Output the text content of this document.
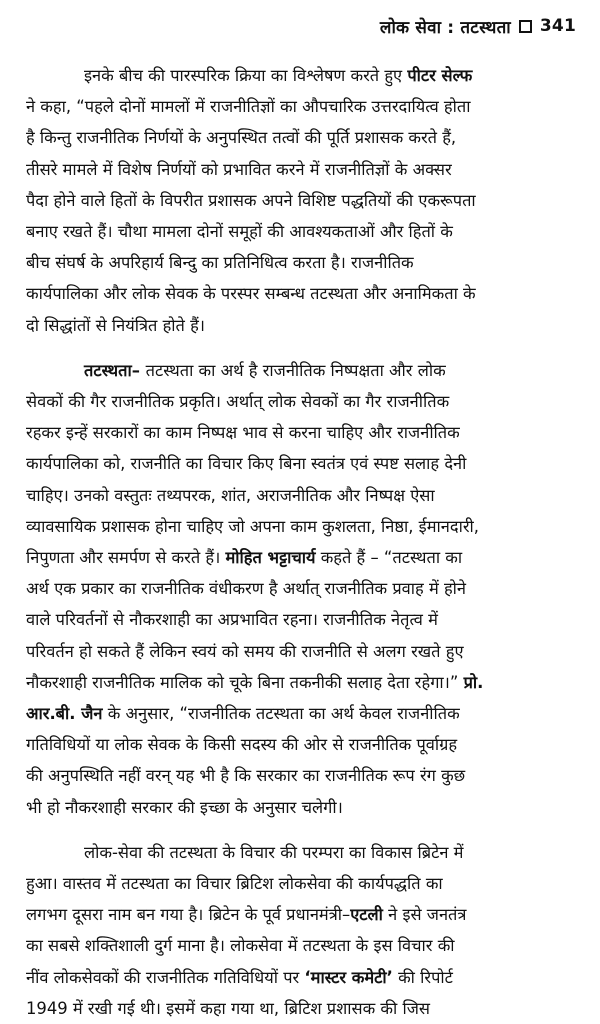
लोक सेवा : तटस्थता 341
इनके बीच की पारस्परिक क्रिया का विश्लेषण करते हुए पीटर सेल्फ
ने कहा, “पहले दोनों मामलों में राजनीतिज्ञों का औपचारिक उत्तरदायित्व होता
है किन्तु राजनीतिक निर्णयों के अनुपस्थित तत्वों की पूर्ति प्रशासक करते हैं,
तीसरे मामले में विशेष निर्णयों को प्रभावित करने में राजनीतिज्ञों के अक्सर
पैदा होने वाले हितों के विपरीत प्रशासक अपने विशिष्ट पद्धतियों की एकरूपता
बनाए रखते हैं। चौथा मामला दोनों समूहों की आवश्यकताओं और हितों के
बीच संघर्ष के अपरिहार्य बिन्दु का प्रतिनिधित्व करता है। राजनीतिक
कार्यपालिका और लोक सेवक के परस्पर सम्बन्ध तटस्थता और अनामिकता के
दो सिद्धांतों से नियंत्रित होते हैं।
तटस्थता– तटस्थता का अर्थ है राजनीतिक निष्पक्षता और लोक
सेवकों की गैर राजनीतिक प्रकृति। अर्थात् लोक सेवकों का गैर राजनीतिक
रहकर इन्हें सरकारों का काम निष्पक्ष भाव से करना चाहिए और राजनीतिक
कार्यपालिका को, राजनीति का विचार किए बिना स्वतंत्र एवं स्पष्ट सलाह देनी
चाहिए। उनको वस्तुतः तथ्यपरक, शांत, अराजनीतिक और निष्पक्ष ऐसा
व्यावसायिक प्रशासक होना चाहिए जो अपना काम कुशलता, निष्ठा, ईमानदारी,
निपुणता और समर्पण से करते हैं। मोहित भट्टाचार्य कहते हैं – “तटस्थता का
अर्थ एक प्रकार का राजनीतिक वंधीकरण है अर्थात् राजनीतिक प्रवाह में होने
वाले परिवर्तनों से नौकरशाही का अप्रभावित रहना। राजनीतिक नेतृत्व में
परिवर्तन हो सकते हैं लेकिन स्वयं को समय की राजनीति से अलग रखते हुए
नौकरशाही राजनीतिक मालिक को चूके बिना तकनीकी सलाह देता रहेगा।” प्रो.
आर.बी. जैन के अनुसार, “राजनीतिक तटस्थता का अर्थ केवल राजनीतिक
गतिविधियों या लोक सेवक के किसी सदस्य की ओर से राजनीतिक पूर्वाग्रह
की अनुपस्थिति नहीं वरन् यह भी है कि सरकार का राजनीतिक रूप रंग कुछ
भी हो नौकरशाही सरकार की इच्छा के अनुसार चलेगी।
लोक-सेवा की तटस्थता के विचार की परम्परा का विकास ब्रिटेन में
हुआ। वास्तव में तटस्थता का विचार ब्रिटिश लोकसेवा की कार्यपद्धति का
लगभग दूसरा नाम बन गया है। ब्रिटेन के पूर्व प्रधानमंत्री–एटली ने इसे जनतंत्र
का सबसे शक्तिशाली दुर्ग माना है। लोकसेवा में तटस्थता के इस विचार की
नींव लोकसेवकों की राजनीतिक गतिविधियों पर ‘मास्टर कमेटी’ की रिपोर्ट
1949 में रखी गई थी। इसमें कहा गया था, ब्रिटिश प्रशासक की जिस
